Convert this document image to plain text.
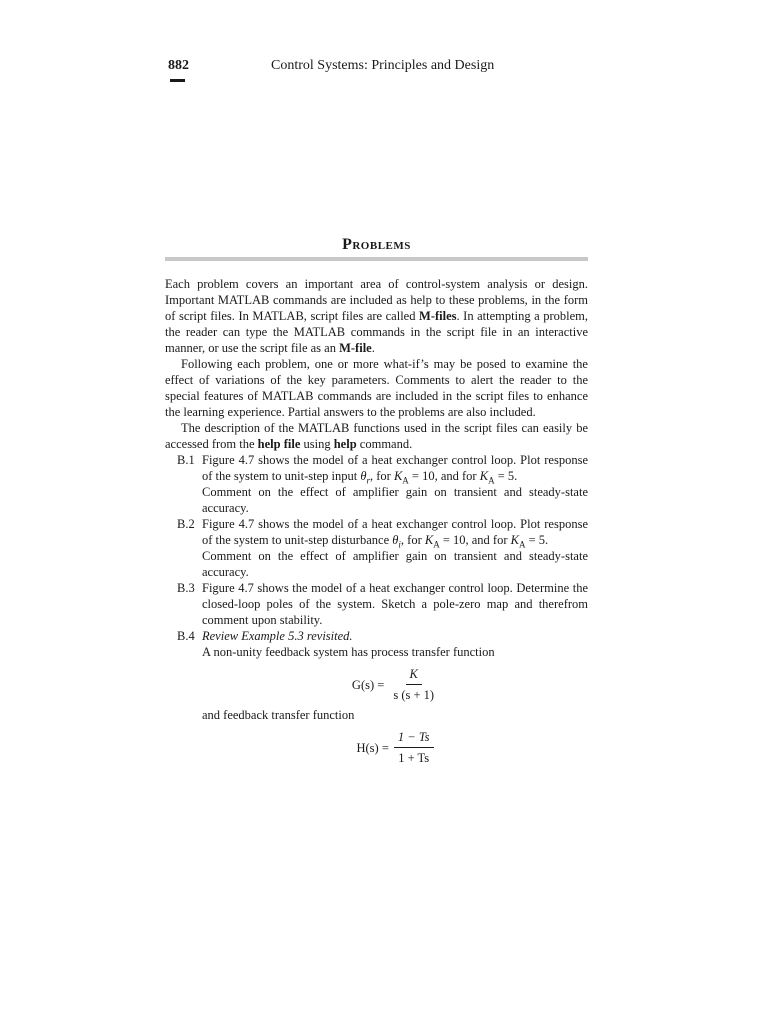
882	Control Systems: Principles and Design
Problems

Each problem covers an important area of control-system analysis or design. Important MATLAB commands are included as help to these problems, in the form of script files. In MATLAB, script files are called M-files. In attempting a problem, the reader can type the MATLAB commands in the script file in an interactive manner, or use the script file as an M-file.

Following each problem, one or more what-if’s may be posed to examine the effect of variations of the key parameters. Comments to alert the reader to the special features of MATLAB commands are included in the script files to enhance the learning experience. Partial answers to the problems are also included.

The description of the MATLAB functions used in the script files can easily be accessed from the help file using help command.

B.1 Figure 4.7 shows the model of a heat exchanger control loop. Plot response of the system to unit-step input $\theta_r$, for $K_A = 10$, and for $K_A = 5$.

Comment on the effect of amplifier gain on transient and steady-state accuracy.

B.2 Figure 4.7 shows the model of a heat exchanger control loop. Plot response of the system to unit-step disturbance $\theta_i$, for $K_A = 10$, and for $K_A = 5$.

Comment on the effect of amplifier gain on transient and steady-state accuracy.

B.3 Figure 4.7 shows the model of a heat exchanger control loop. Determine the closed-loop poles of the system. Sketch a pole-zero map and therefrom comment upon stability.

B.4 Review Example 5.3 revisited.

A non-unity feedback system has process transfer function

$G(s) = \frac{K}{s (s + 1)}$

and feedback transfer function

$H(s) = \frac{1 - Ts}{1 + Ts}$
